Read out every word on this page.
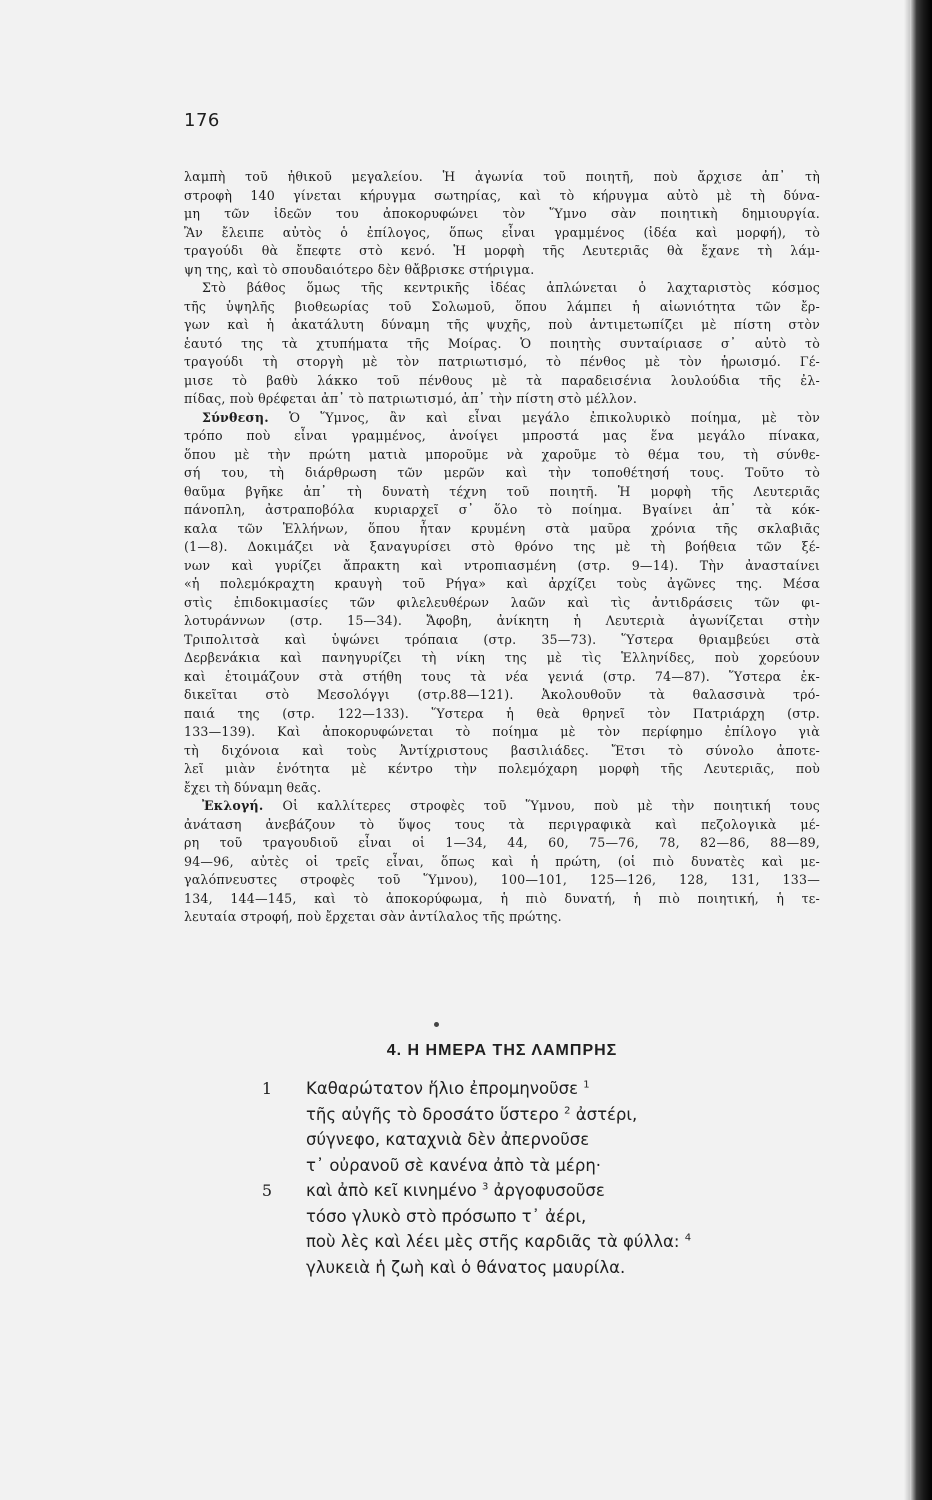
176
λαμπὴ τοῦ ἠθικοῦ μεγαλείου. Ἡ ἀγωνία τοῦ ποιητῆ, ποὺ ἄρχισε ἀπ᾽ τὴ
στροφὴ 140 γίνεται κήρυγμα σωτηρίας, καὶ τὸ κήρυγμα αὐτὸ μὲ τὴ δύνα-
μη τῶν ἰδεῶν του ἀποκορυφώνει τὸν Ὕμνο σὰν ποιητικὴ δημιουργία.
Ἂν ἔλειπε αὐτὸς ὁ ἐπίλογος, ὅπως εἶναι γραμμένος (ἰδέα καὶ μορφή), τὸ
τραγούδι θὰ ἔπεφτε στὸ κενό. Ἡ μορφὴ τῆς Λευτεριᾶς θὰ ἔχανε τὴ λάμ-
ψη της, καὶ τὸ σπουδαιότερο δὲν θἄβρισκε στήριγμα.
Στὸ βάθος ὅμως τῆς κεντρικῆς ἰδέας ἁπλώνεται ὁ λαχταριστὸς κόσμος
τῆς ὑψηλῆς βιοθεωρίας τοῦ Σολωμοῦ, ὅπου λάμπει ἡ αἰωνιότητα τῶν ἔρ-
γων καὶ ἡ ἀκατάλυτη δύναμη τῆς ψυχῆς, ποὺ ἀντιμετωπίζει μὲ πίστη στὸν
ἑαυτό της τὰ χτυπήματα τῆς Μοίρας. Ὁ ποιητὴς συνταίριασε σ᾽ αὐτὸ τὸ
τραγούδι τὴ στοργὴ μὲ τὸν πατριωτισμό, τὸ πένθος μὲ τὸν ἡρωισμό. Γέ-
μισε τὸ βαθὺ λάκκο τοῦ πένθους μὲ τὰ παραδεισένια λουλούδια τῆς ἐλ-
πίδας, ποὺ θρέφεται ἀπ᾽ τὸ πατριωτισμό, ἀπ᾽ τὴν πίστη στὸ μέλλον.
Σύνθεση. Ὁ Ὕμνος, ἂν καὶ εἶναι μεγάλο ἐπικολυρικὸ ποίημα, μὲ τὸν
τρόπο ποὺ εἶναι γραμμένος, ἀνοίγει μπροστά μας ἕνα μεγάλο πίνακα,
ὅπου μὲ τὴν πρώτη ματιὰ μποροῦμε νὰ χαροῦμε τὸ θέμα του, τὴ σύνθε-
σή του, τὴ διάρθρωση τῶν μερῶν καὶ τὴν τοποθέτησή τους. Τοῦτο τὸ
θαῦμα βγῆκε ἀπ᾽ τὴ δυνατὴ τέχνη τοῦ ποιητῆ. Ἡ μορφὴ τῆς Λευτεριᾶς
πάνοπλη, ἀστραποβόλα κυριαρχεῖ σ᾽ ὅλο τὸ ποίημα. Βγαίνει ἀπ᾽ τὰ κόκ-
καλα τῶν Ἑλλήνων, ὅπου ἦταν κρυμένη στὰ μαῦρα χρόνια τῆς σκλαβιᾶς
(1—8). Δοκιμάζει νὰ ξαναγυρίσει στὸ θρόνο της μὲ τὴ βοήθεια τῶν ξέ-
νων καὶ γυρίζει ἄπρακτη καὶ ντροπιασμένη (στρ. 9—14). Τὴν ἀνασταίνει
«ἡ πολεμόκραχτη κραυγὴ τοῦ Ρήγα» καὶ ἀρχίζει τοὺς ἀγῶνες της. Μέσα
στὶς ἐπιδοκιμασίες τῶν φιλελευθέρων λαῶν καὶ τὶς ἀντιδράσεις τῶν φι-
λοτυράννων (στρ. 15—34). Ἄφοβη, ἀνίκητη ἡ Λευτεριὰ ἀγωνίζεται στὴν
Τριπολιτσὰ καὶ ὑψώνει τρόπαια (στρ. 35—73). Ὕστερα θριαμβεύει στὰ
Δερβενάκια καὶ πανηγυρίζει τὴ νίκη της μὲ τὶς Ἑλληνίδες, ποὺ χορεύουν
καὶ ἑτοιμάζουν στὰ στήθη τους τὰ νέα γενιά (στρ. 74—87). Ὕστερα ἐκ-
δικεῖται στὸ Μεσολόγγι (στρ.88—121). Ἀκολουθοῦν τὰ θαλασσινὰ τρό-
παιά της (στρ. 122—133). Ὕστερα ἡ θεὰ θρηνεῖ τὸν Πατριάρχη (στρ.
133—139). Καὶ ἀποκορυφώνεται τὸ ποίημα μὲ τὸν περίφημο ἐπίλογο γιὰ
τὴ διχόνοια καὶ τοὺς Ἀντίχριστους βασιλιάδες. Ἔτσι τὸ σύνολο ἀποτε-
λεῖ μιὰν ἑνότητα μὲ κέντρο τὴν πολεμόχαρη μορφὴ τῆς Λευτεριᾶς, ποὺ
ἔχει τὴ δύναμη θεᾶς.
Ἐκλογή. Οἱ καλλίτερες στροφὲς τοῦ Ὕμνου, ποὺ μὲ τὴν ποιητική τους
ἀνάταση ἀνεβάζουν τὸ ὕψος τους τὰ περιγραφικὰ καὶ πεζολογικὰ μέ-
ρη τοῦ τραγουδιοῦ εἶναι οἱ 1—34, 44, 60, 75—76, 78, 82—86, 88—89,
94—96, αὐτὲς οἱ τρεῖς εἶναι, ὅπως καὶ ἡ πρώτη, (οἱ πιὸ δυνατὲς καὶ με-
γαλόπνευστες στροφὲς τοῦ Ὕμνου), 100—101, 125—126, 128, 131, 133—
134, 144—145, καὶ τὸ ἀποκορύφωμα, ἡ πιὸ δυνατή, ἡ πιὸ ποιητική, ἡ τε-
λευταία στροφή, ποὺ ἔρχεται σὰν ἀντίλαλος τῆς πρώτης.
4. Η ΗΜΕΡΑ ΤΗΣ ΛΑΜΠΡΗΣ
1 Καθαρώτατον ἥλιο ἐπρομηνοῦσε $^1$
τῆς αὐγῆς τὸ δροσάτο ὕστερο $^2$ ἀστέρι,
σύγνεφο, καταχνιὰ δὲν ἀπερνοῦσε
τ᾽ οὐρανοῦ σὲ κανένα ἀπὸ τὰ μέρη·
5 καὶ ἀπὸ κεῖ κινημένο $^3$ ἀργοφυσοῦσε
τόσο γλυκὸ στὸ πρόσωπο τ᾽ ἀέρι,
ποὺ λὲς καὶ λέει μὲς στῆς καρδιᾶς τὰ φύλλα: $^4$
γλυκειὰ ἡ ζωὴ καὶ ὁ θάνατος μαυρίλα.
